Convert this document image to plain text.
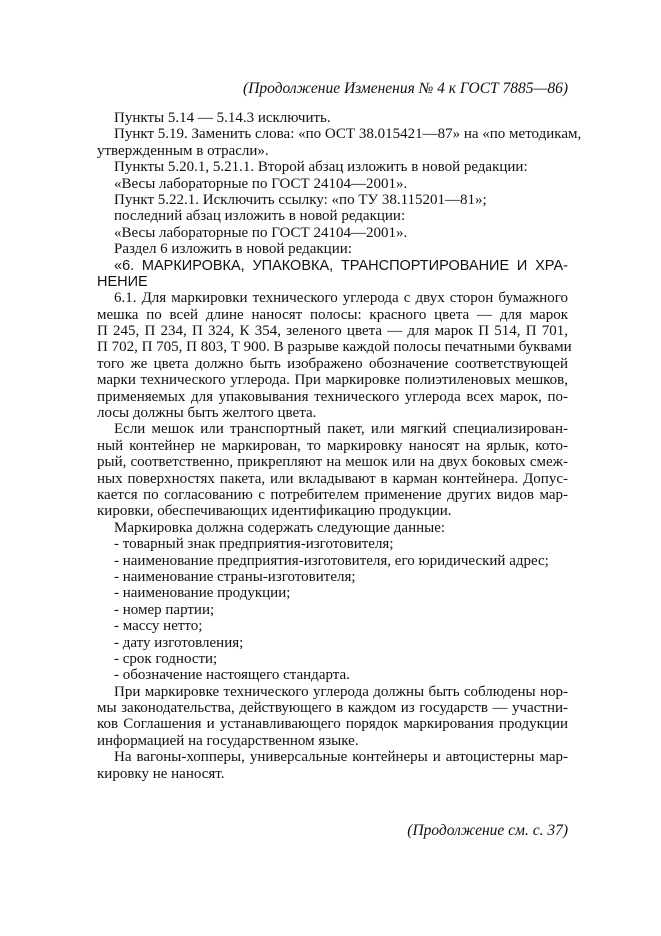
(Продолжение Изменения № 4 к ГОСТ 7885—86)
Пункты 5.14 — 5.14.3 исключить.
Пункт 5.19. Заменить слова: «по ОСТ 38.015421—87» на «по методикам,
утвержденным в отрасли».
Пункты 5.20.1, 5.21.1. Второй абзац изложить в новой редакции:
«Весы лабораторные по ГОСТ 24104—2001».
Пункт 5.22.1. Исключить ссылку: «по ТУ 38.115201—81»;
последний абзац изложить в новой редакции:
«Весы лабораторные по ГОСТ 24104—2001».
Раздел 6 изложить в новой редакции:
«6. МАРКИРОВКА, УПАКОВКА, ТРАНСПОРТИРОВАНИЕ И ХРА-
НЕНИЕ
6.1. Для маркировки технического углерода с двух сторон бумажного
мешка по всей длине наносят полосы: красного цвета — для марок
П 245, П 234, П 324, К 354, зеленого цвета — для марок П 514, П 701,
П 702, П 705, П 803, Т 900. В разрыве каждой полосы печатными буквами
того же цвета должно быть изображено обозначение соответствующей
марки технического углерода. При маркировке полиэтиленовых мешков,
применяемых для упаковывания технического углерода всех марок, по-
лосы должны быть желтого цвета.
Если мешок или транспортный пакет, или мягкий специализирован-
ный контейнер не маркирован, то маркировку наносят на ярлык, кото-
рый, соответственно, прикрепляют на мешок или на двух боковых смеж-
ных поверхностях пакета, или вкладывают в карман контейнера. Допус-
кается по согласованию с потребителем применение других видов мар-
кировки, обеспечивающих идентификацию продукции.
Маркировка должна содержать следующие данные:
- товарный знак предприятия-изготовителя;
- наименование предприятия-изготовителя, его юридический адрес;
- наименование страны-изготовителя;
- наименование продукции;
- номер партии;
- массу нетто;
- дату изготовления;
- срок годности;
- обозначение настоящего стандарта.
При маркировке технического углерода должны быть соблюдены нор-
мы законодательства, действующего в каждом из государств — участни-
ков Соглашения и устанавливающего порядок маркирования продукции
информацией на государственном языке.
На вагоны-хопперы, универсальные контейнеры и автоцистерны мар-
кировку не наносят.
(Продолжение см. с. 37)
